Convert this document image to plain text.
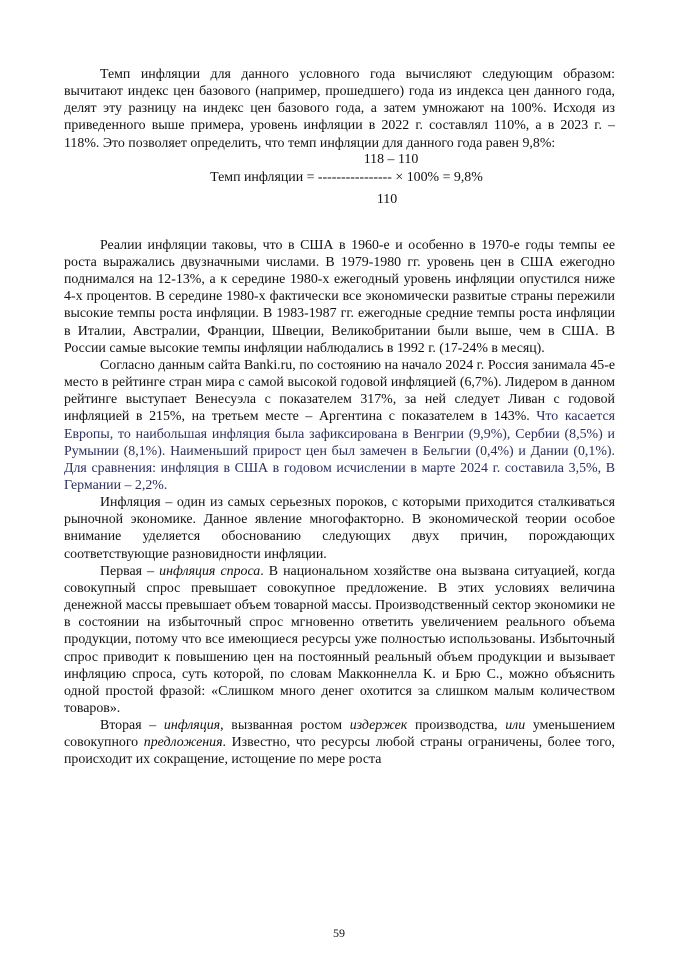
Темп инфляции для данного условного года вычисляют следующим образом: вычитают индекс цен базового (например, прошедшего) года из индекса цен данного года, делят эту разницу на индекс цен базового года, а затем умножают на 100%. Исходя из приведенного выше примера, уровень инфляции в 2022 г. составлял 110%, а в 2023 г. – 118%. Это позволяет определить, что темп инфляции для данного года равен 9,8%:

118 – 110
Темп инфляции = ---------------- × 100% = 9,8%
110

Реалии инфляции таковы, что в США в 1960-е и особенно в 1970-е годы темпы ее роста выражались двузначными числами. В 1979-1980 гг. уровень цен в США ежегодно поднимался на 12-13%, а к середине 1980-х ежегодный уровень инфляции опустился ниже 4-х процентов. В середине 1980-х фактически все экономически развитые страны пережили высокие темпы роста инфляции. В 1983-1987 гг. ежегодные средние темпы роста инфляции в Италии, Австралии, Франции, Швеции, Великобритании были выше, чем в США. В России самые высокие темпы инфляции наблюдались в 1992 г. (17-24% в месяц).

Согласно данным сайта Banki.ru, по состоянию на начало 2024 г. Россия занимала 45-е место в рейтинге стран мира с самой высокой годовой инфляцией (6,7%). Лидером в данном рейтинге выступает Венесуэла с показателем 317%, за ней следует Ливан с годовой инфляцией в 215%, на третьем месте – Аргентина с показателем в 143%. Что касается Европы, то наибольшая инфляция была зафиксирована в Венгрии (9,9%), Сербии (8,5%) и Румынии (8,1%). Наименьший прирост цен был замечен в Бельгии (0,4%) и Дании (0,1%). Для сравнения: инфляция в США в годовом исчислении в марте 2024 г. составила 3,5%, В Германии – 2,2%.

Инфляция – один из самых серьезных пороков, с которыми приходится сталкиваться рыночной экономике. Данное явление многофакторно. В экономической теории особое внимание уделяется обоснованию следующих двух причин, порождающих соответствующие разновидности инфляции.

Первая – инфляция спроса. В национальном хозяйстве она вызвана ситуацией, когда совокупный спрос превышает совокупное предложение. В этих условиях величина денежной массы превышает объем товарной массы. Производственный сектор экономики не в состоянии на избыточный спрос мгновенно ответить увеличением реального объема продукции, потому что все имеющиеся ресурсы уже полностью использованы. Избыточный спрос приводит к повышению цен на постоянный реальный объем продукции и вызывает инфляцию спроса, суть которой, по словам Макконнелла К. и Брю С., можно объяснить одной простой фразой: «Слишком много денег охотится за слишком малым количеством товаров».

Вторая – инфляция, вызванная ростом издержек производства, или уменьшением совокупного предложения. Известно, что ресурсы любой страны ограничены, более того, происходит их сокращение, истощение по мере роста

59
